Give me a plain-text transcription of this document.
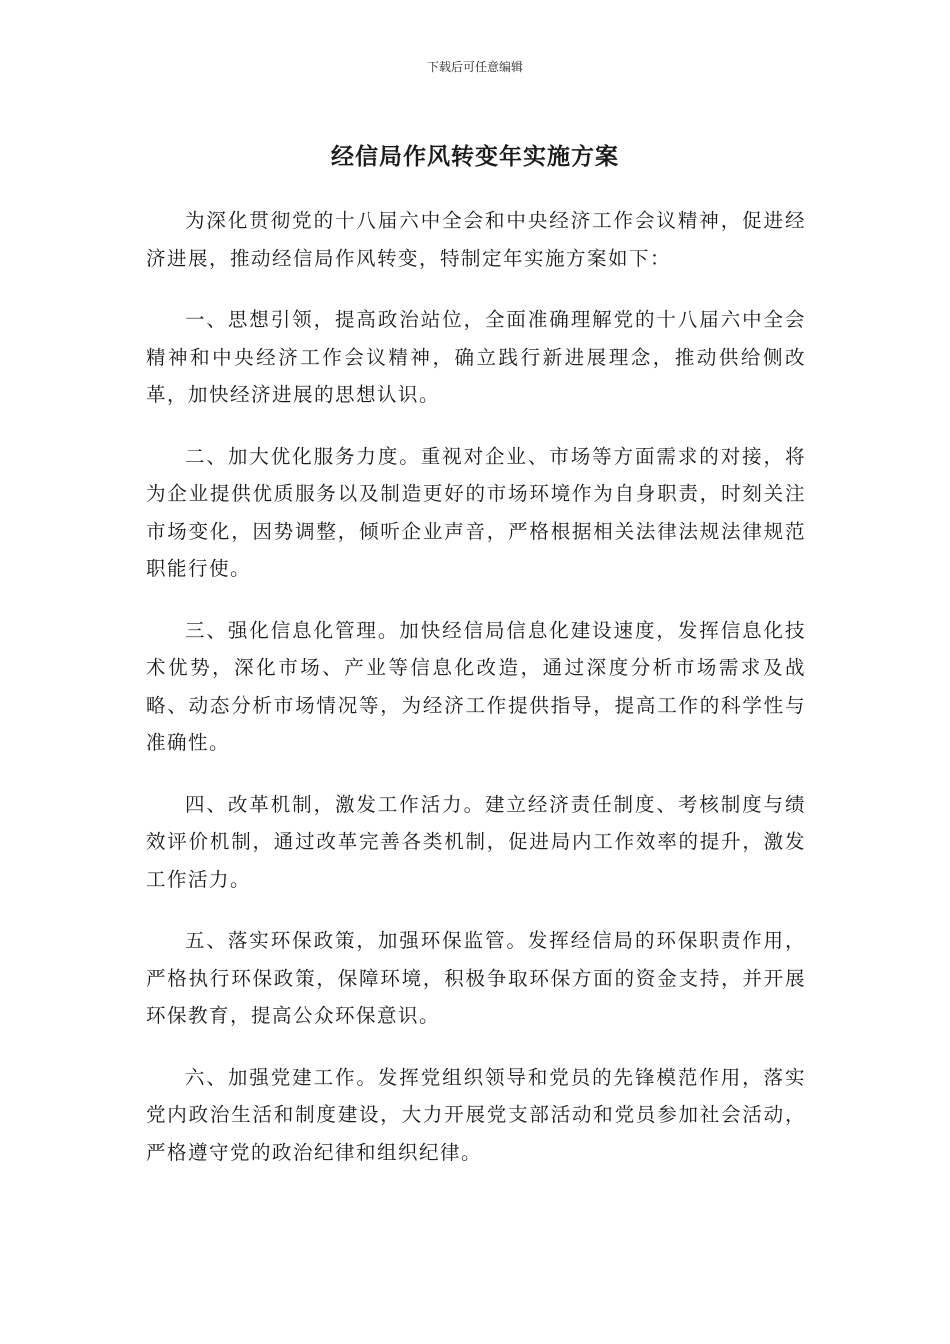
下载后可任意编辑
经信局作风转变年实施方案

为深化贯彻党的十八届六中全会和中央经济工作会议精神，促进经济进展，推动经信局作风转变，特制定年实施方案如下：

一、思想引领，提高政治站位，全面准确理解党的十八届六中全会精神和中央经济工作会议精神，确立践行新进展理念，推动供给侧改革，加快经济进展的思想认识。

二、加大优化服务力度。重视对企业、市场等方面需求的对接，将为企业提供优质服务以及制造更好的市场环境作为自身职责，时刻关注市场变化，因势调整，倾听企业声音，严格根据相关法律法规法律规范职能行使。

三、强化信息化管理。加快经信局信息化建设速度，发挥信息化技术优势，深化市场、产业等信息化改造，通过深度分析市场需求及战略、动态分析市场情况等，为经济工作提供指导，提高工作的科学性与准确性。

四、改革机制，激发工作活力。建立经济责任制度、考核制度与绩效评价机制，通过改革完善各类机制，促进局内工作效率的提升，激发工作活力。

五、落实环保政策，加强环保监管。发挥经信局的环保职责作用，严格执行环保政策，保障环境，积极争取环保方面的资金支持，并开展环保教育，提高公众环保意识。

六、加强党建工作。发挥党组织领导和党员的先锋模范作用，落实党内政治生活和制度建设，大力开展党支部活动和党员参加社会活动，严格遵守党的政治纪律和组织纪律。
